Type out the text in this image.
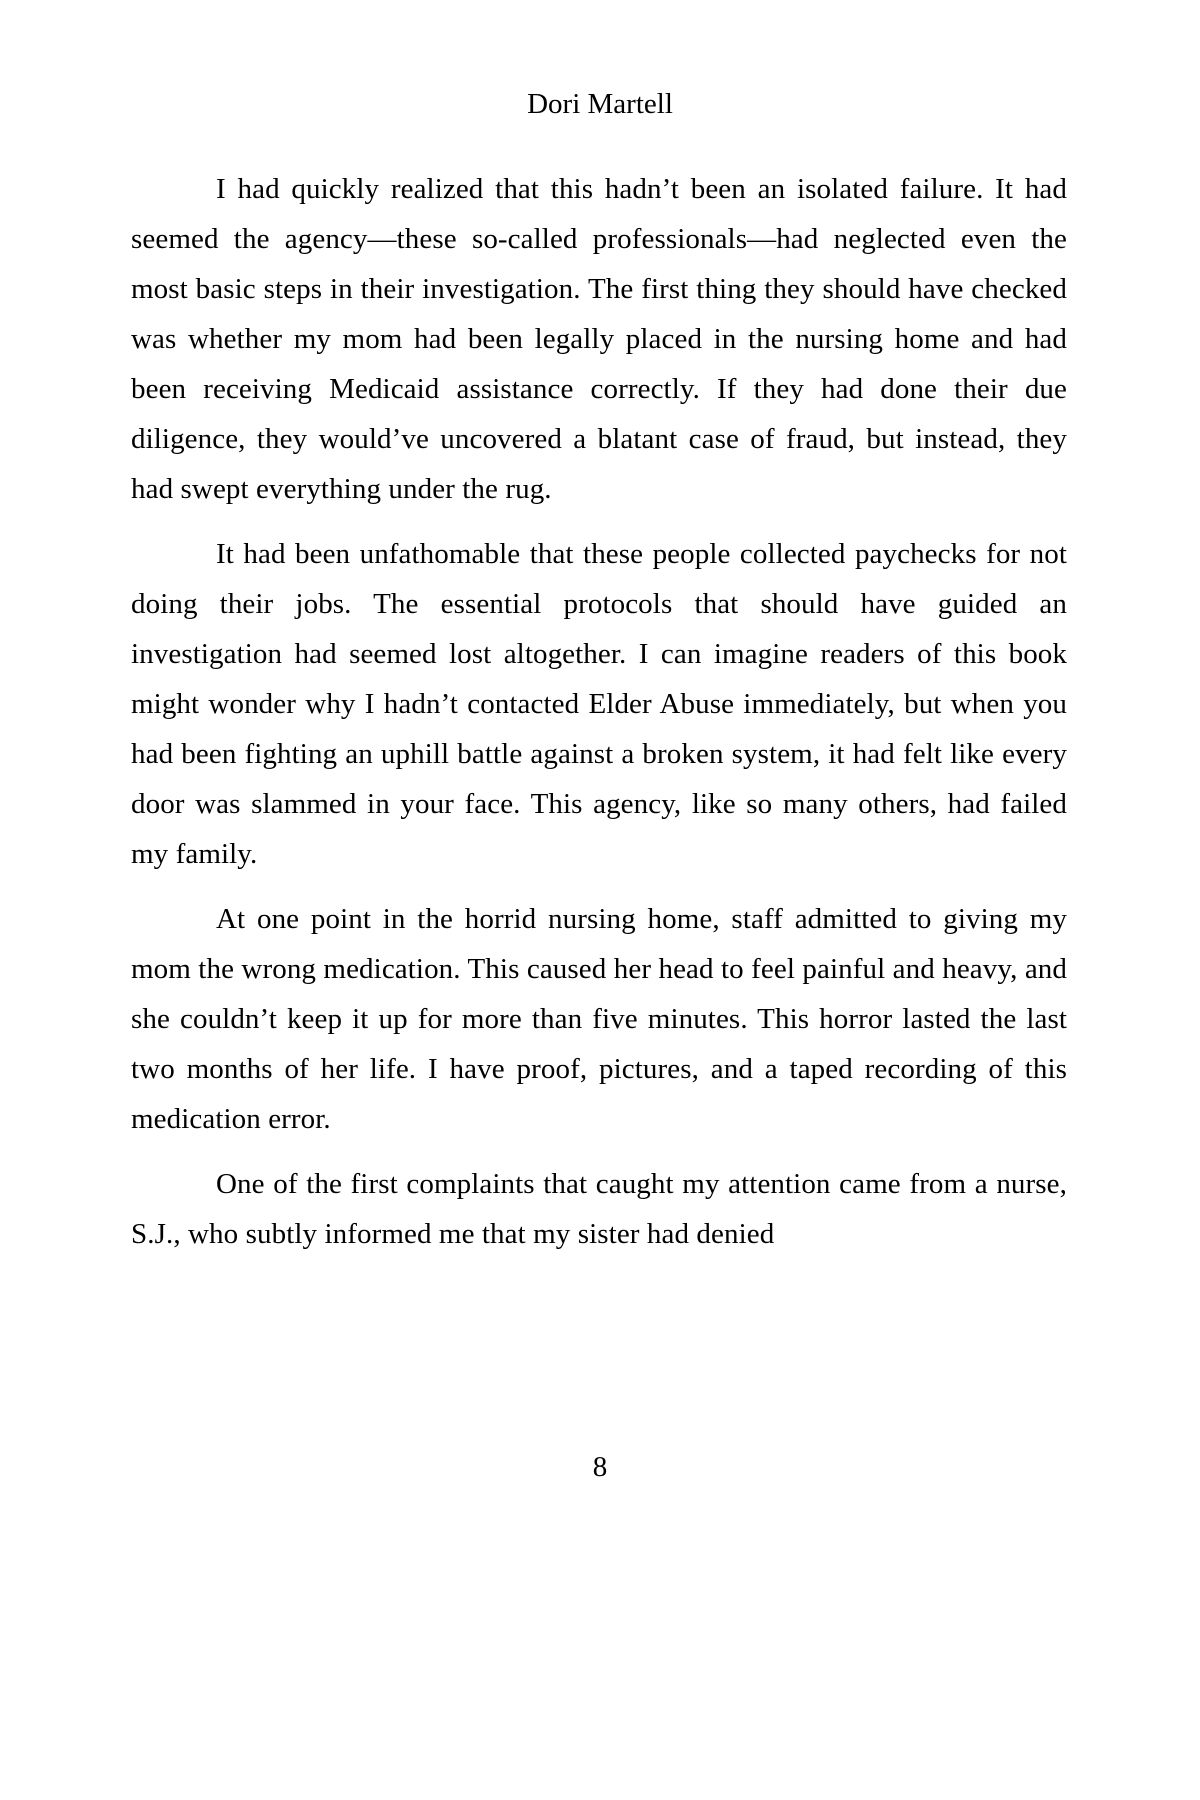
Dori Martell

I had quickly realized that this hadn’t been an isolated failure. It had seemed the agency—these so-called professionals—had neglected even the most basic steps in their investigation. The first thing they should have checked was whether my mom had been legally placed in the nursing home and had been receiving Medicaid assistance correctly. If they had done their due diligence, they would’ve uncovered a blatant case of fraud, but instead, they had swept everything under the rug.

It had been unfathomable that these people collected paychecks for not doing their jobs. The essential protocols that should have guided an investigation had seemed lost altogether. I can imagine readers of this book might wonder why I hadn’t contacted Elder Abuse immediately, but when you had been fighting an uphill battle against a broken system, it had felt like every door was slammed in your face. This agency, like so many others, had failed my family.

At one point in the horrid nursing home, staff admitted to giving my mom the wrong medication. This caused her head to feel painful and heavy, and she couldn’t keep it up for more than five minutes. This horror lasted the last two months of her life. I have proof, pictures, and a taped recording of this medication error.

One of the first complaints that caught my attention came from a nurse, S.J., who subtly informed me that my sister had denied

8
